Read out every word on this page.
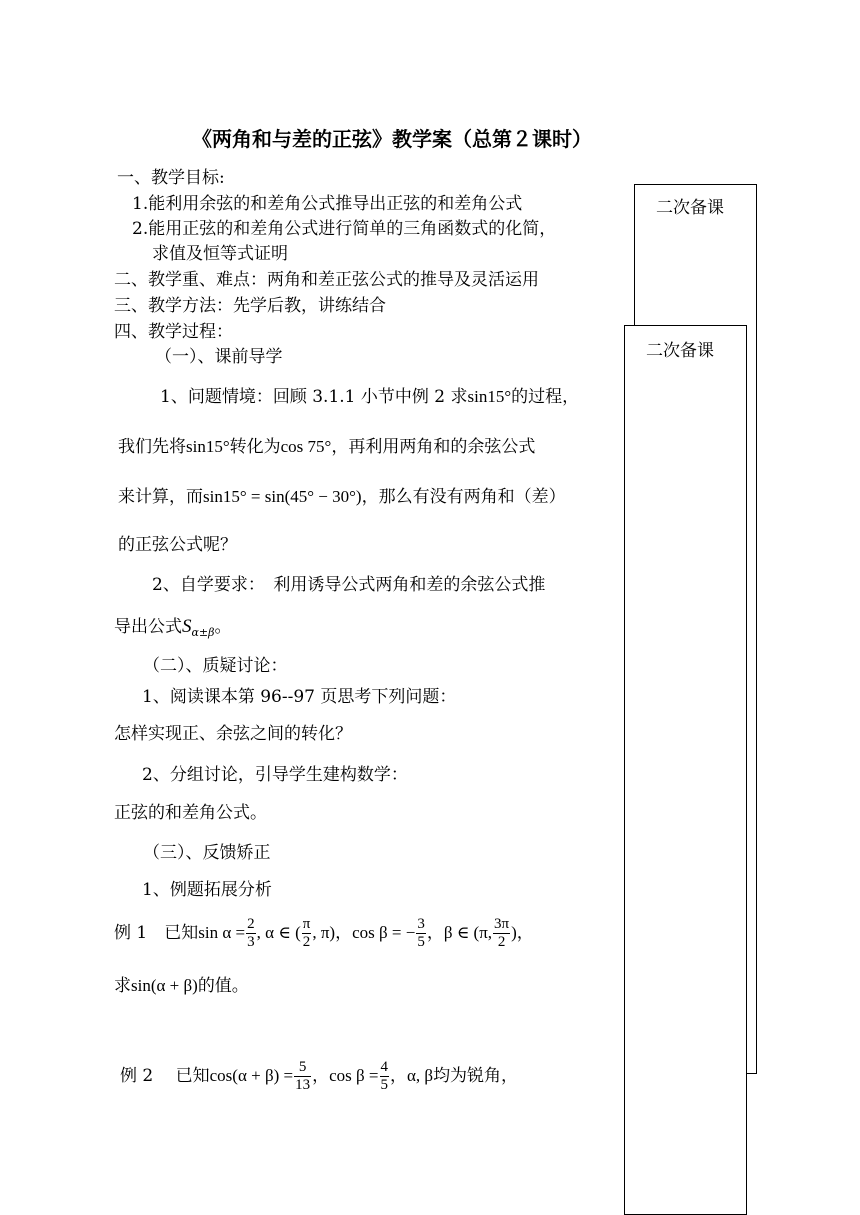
《两角和与差的正弦》教学案（总第２课时）
二次备课
二次备课
一、教学目标:
1.能利用余弦的和差角公式推导出正弦的和差角公式
2.能用正弦的和差角公式进行简单的三角函数式的化简，
求值及恒等式证明
二、教学重、难点：两角和差正弦公式的推导及灵活运用
三、教学方法：先学后教，讲练结合
四、教学过程：
（一）、课前导学
1、问题情境：回顾 3.1.1 小节中例 2 求sin15°的过程，
我们先将sin15°转化为cos 75°，再利用两角和的余弦公式
来计算，而sin15° = sin(45° − 30°)，那么有没有两角和（差）
的正弦公式呢？
2、自学要求：　利用诱导公式两角和差的余弦公式推
导出公式$S_{\alpha\pm\beta}$。
（二）、质疑讨论：
1、阅读课本第 96--97 页思考下列问题：
怎样实现正、余弦之间的转化？
2、分组讨论，引导学生建构数学：
正弦的和差角公式。
（三）、反馈矫正
1、例题拓展分析
例 1　已知$\sin \alpha = \frac{2}{3}$ , α ∈ ( $\frac{\pi}{2}$ , π)，cos β = − $\frac{3}{5}$ ，β ∈ (π, $\frac{3\pi}{2}$ )，
求sin(α + β)的值。
例 2　 已知$\cos(\alpha + \beta) = \frac{5}{13}$ ，$\cos \beta = \frac{4}{5}$ ，α, β均为锐角，
